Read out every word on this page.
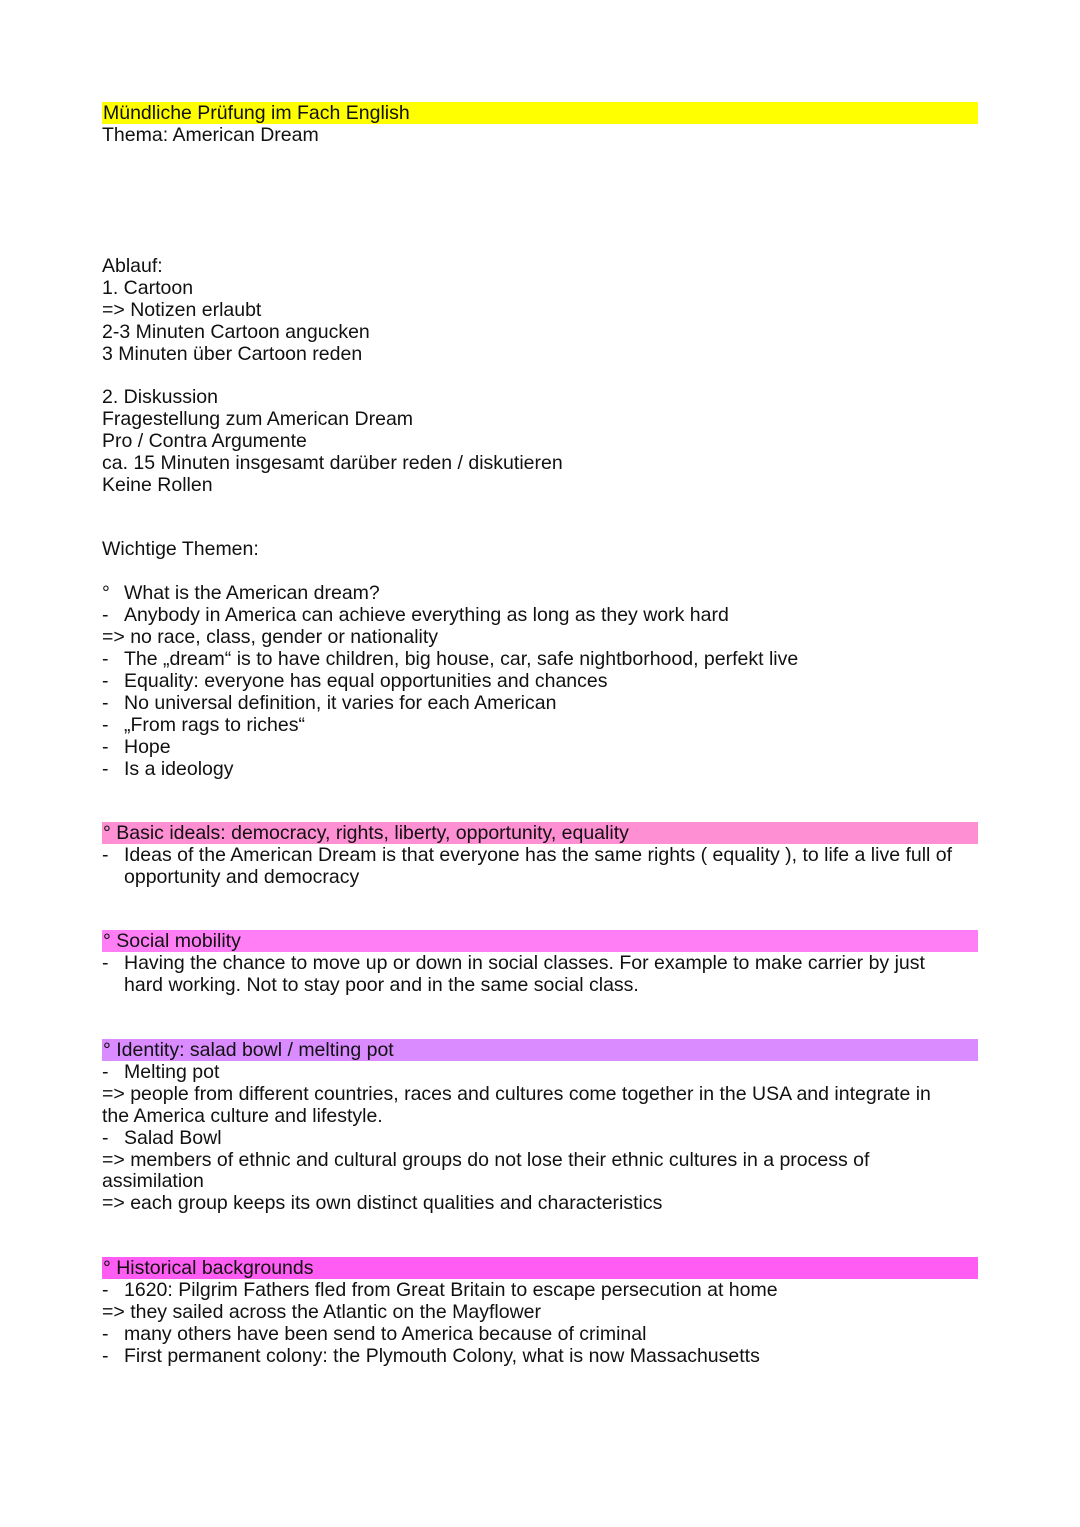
Mündliche Prüfung im Fach English
Thema: American Dream
Ablauf:
1. Cartoon
=> Notizen erlaubt
2-3 Minuten Cartoon angucken
3 Minuten über Cartoon reden
2. Diskussion
Fragestellung zum American Dream
Pro / Contra Argumente
ca. 15 Minuten insgesamt darüber reden / diskutieren
Keine Rollen
Wichtige Themen:
° What is the American dream?
- Anybody in America can achieve everything as long as they work hard
=> no race, class, gender or nationality
- The „dream“ is to have children, big house, car, safe nightborhood, perfekt live
- Equality: everyone has equal opportunities and chances
- No universal definition, it varies for each American
- „From rags to riches“
- Hope
- Is a ideology
° Basic ideals: democracy, rights, liberty, opportunity, equality
- Ideas of the American Dream is that everyone has the same rights ( equality ), to life a live full of
opportunity and democracy
° Social mobility
- Having the chance to move up or down in social classes. For example to make carrier by just
hard working. Not to stay poor and in the same social class.
° Identity: salad bowl / melting pot
- Melting pot
=> people from different countries, races and cultures come together in the USA and integrate in
the America culture and lifestyle.
- Salad Bowl
=> members of ethnic and cultural groups do not lose their ethnic cultures in a process of
assimilation
=> each group keeps its own distinct qualities and characteristics
° Historical backgrounds
- 1620: Pilgrim Fathers fled from Great Britain to escape persecution at home
=> they sailed across the Atlantic on the Mayflower
- many others have been send to America because of criminal
- First permanent colony: the Plymouth Colony, what is now Massachusetts
